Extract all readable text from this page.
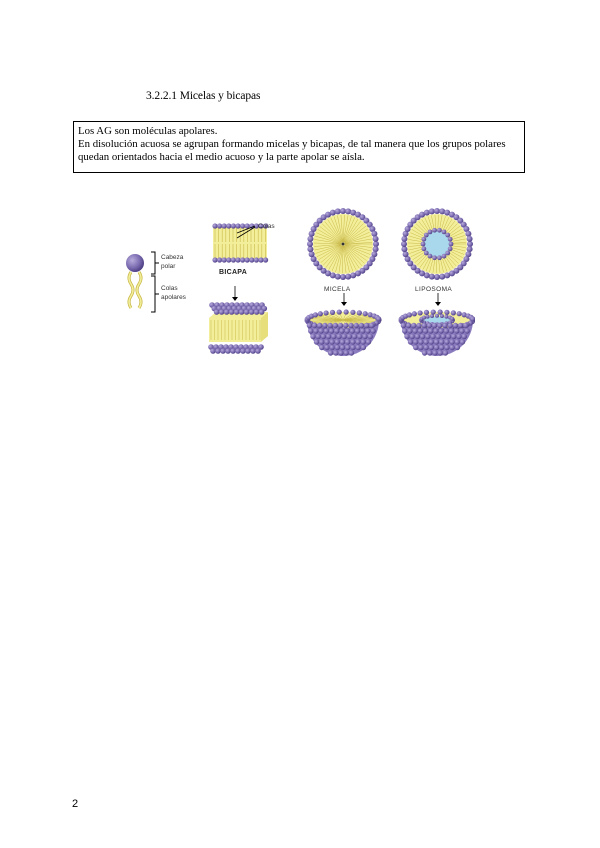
3.2.2.1 Micelas y bicapas

Los AG son moléculas apolares.

En disolución acuosa se agrupan formando micelas y bicapas, de tal manera que los grupos polares quedan orientados hacia el medio acuoso y la parte apolar se aísla.

Cabeza
polar
Colas
apolares
Colas
BICAPA
MICELA	LIPOSOMA
2
